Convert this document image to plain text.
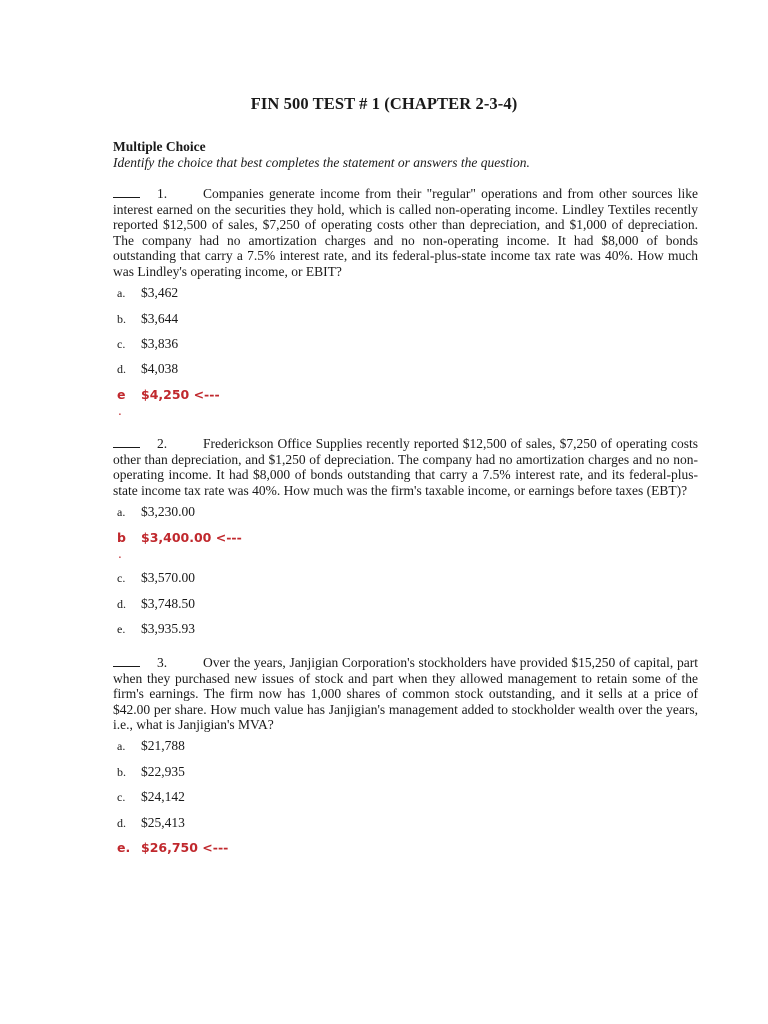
FIN 500 TEST # 1 (CHAPTER 2-3-4)
Multiple Choice
Identify the choice that best completes the statement or answers the question.
1.	Companies generate income from their "regular" operations and from other sources like interest earned on the securities they hold, which is called non-operating income. Lindley Textiles recently reported $12,500 of sales, $7,250 of operating costs other than depreciation, and $1,000 of depreciation. The company had no amortization charges and no non-operating income. It had $8,000 of bonds outstanding that carry a 7.5% interest rate, and its federal-plus-state income tax rate was 40%. How much was Lindley's operating income, or EBIT?
a. $3,462
b. $3,644
c. $3,836
d. $4,038
e $4,250 <---
.
2.	Frederickson Office Supplies recently reported $12,500 of sales, $7,250 of operating costs other than depreciation, and $1,250 of depreciation. The company had no amortization charges and no non-operating income. It had $8,000 of bonds outstanding that carry a 7.5% interest rate, and its federal-plus-state income tax rate was 40%. How much was the firm's taxable income, or earnings before taxes (EBT)?
a. $3,230.00
b $3,400.00 <---
.
c. $3,570.00
d. $3,748.50
e. $3,935.93
3.	Over the years, Janjigian Corporation's stockholders have provided $15,250 of capital, part when they purchased new issues of stock and part when they allowed management to retain some of the firm's earnings. The firm now has 1,000 shares of common stock outstanding, and it sells at a price of $42.00 per share. How much value has Janjigian's management added to stockholder wealth over the years, i.e., what is Janjigian's MVA?
a. $21,788
b. $22,935
c. $24,142
d. $25,413
e. $26,750 <---
